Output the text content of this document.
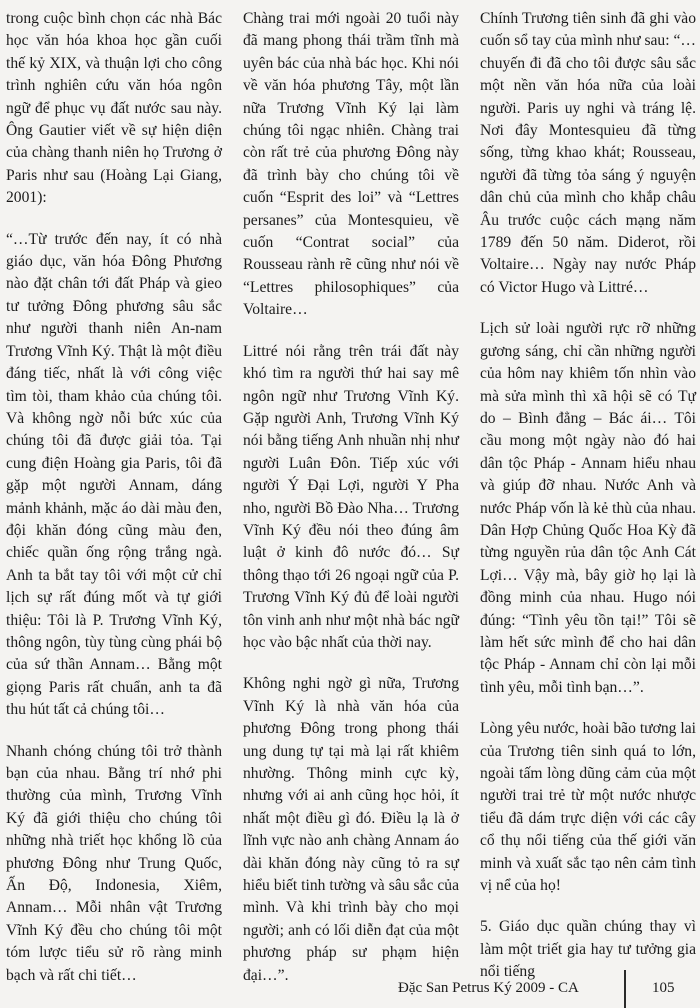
trong cuộc bình chọn các nhà Bác học văn hóa khoa học gần cuối thế kỷ XIX, và thuận lợi cho công trình nghiên cứu văn hóa ngôn ngữ để phục vụ đất nước sau này. Ông Gautier viết về sự hiện diện của chàng thanh niên họ Trương ở Paris như sau (Hoàng Lại Giang, 2001):

“…Từ trước đến nay, ít có nhà giáo dục, văn hóa Đông Phương nào đặt chân tới đất Pháp và gieo tư tưởng Đông phương sâu sắc như người thanh niên An-nam Trương Vĩnh Ký. Thật là một điều đáng tiếc, nhất là với công việc tìm tòi, tham khảo của chúng tôi. Và không ngờ nỗi bức xúc của chúng tôi đã được giải tỏa. Tại cung điện Hoàng gia Paris, tôi đã gặp một người Annam, dáng mảnh khảnh, mặc áo dài màu đen, đội khăn đóng cũng màu đen, chiếc quần ống rộng trắng ngà. Anh ta bắt tay tôi với một cử chỉ lịch sự rất đúng mốt và tự giới thiệu: Tôi là P. Trương Vĩnh Ký, thông ngôn, tùy tùng cùng phái bộ của sứ thần Annam… Bằng một giọng Paris rất chuẩn, anh ta đã thu hút tất cả chúng tôi…

Nhanh chóng chúng tôi trở thành bạn của nhau. Bằng trí nhớ phi thường của mình, Trương Vĩnh Ký đã giới thiệu cho chúng tôi những nhà triết học khổng lồ của phương Đông như Trung Quốc, Ấn Độ, Indonesia, Xiêm, Annam… Mỗi nhân vật Trương Vĩnh Ký đều cho chúng tôi một tóm lược tiểu sử rõ ràng minh bạch và rất chi tiết…

Chàng trai mới ngoài 20 tuổi này đã mang phong thái trầm tĩnh mà uyên bác của nhà bác học. Khi nói về văn hóa phương Tây, một lần nữa Trương Vĩnh Ký lại làm chúng tôi ngạc nhiên. Chàng trai còn rất trẻ của phương Đông này đã trình bày cho chúng tôi về cuốn “Esprit des loi” và “Lettres persanes” của Montesquieu, về cuốn “Contrat social” của Rousseau rành rẽ cũng như nói về “Lettres philosophiques” của Voltaire…

Littré nói rằng trên trái đất này khó tìm ra người thứ hai say mê ngôn ngữ như Trương Vĩnh Ký. Gặp người Anh, Trương Vĩnh Ký nói bằng tiếng Anh nhuần nhị như người Luân Đôn. Tiếp xúc với người Ý Đại Lợi, người Y Pha nho, người Bồ Đào Nha… Trương Vĩnh Ký đều nói theo đúng âm luật ở kinh đô nước đó… Sự thông thạo tới 26 ngoại ngữ của P. Trương Vĩnh Ký đủ để loài người tôn vinh anh như một nhà bác ngữ học vào bậc nhất của thời nay.

Không nghi ngờ gì nữa, Trương Vĩnh Ký là nhà văn hóa của phương Đông trong phong thái ung dung tự tại mà lại rất khiêm nhường. Thông minh cực kỳ, nhưng với ai anh cũng học hỏi, ít nhất một điều gì đó. Điều lạ là ở lĩnh vực nào anh chàng Annam áo dài khăn đóng này cũng tỏ ra sự hiểu biết tinh tường và sâu sắc của mình. Và khi trình bày cho mọi người; anh có lối diễn đạt của một phương pháp sư phạm hiện đại…”.

Chính Trương tiên sinh đã ghi vào cuốn sổ tay của mình như sau: “…chuyến đi đã cho tôi được sâu sắc một nền văn hóa nữa của loài người. Paris uy nghi và tráng lệ. Nơi đây Montesquieu đã từng sống, từng khao khát; Rousseau, người đã từng tỏa sáng ý nguyện dân chủ của mình cho khắp châu Âu trước cuộc cách mạng năm 1789 đến 50 năm. Diderot, rồi Voltaire… Ngày nay nước Pháp có Victor Hugo và Littré…

Lịch sử loài người rực rỡ những gương sáng, chỉ cần những người của hôm nay khiêm tốn nhìn vào mà sửa mình thì xã hội sẽ có Tự do – Bình đẳng – Bác ái… Tôi cầu mong một ngày nào đó hai dân tộc Pháp - Annam hiểu nhau và giúp đỡ nhau. Nước Anh và nước Pháp vốn là kẻ thù của nhau. Dân Hợp Chủng Quốc Hoa Kỳ đã từng nguyền rủa dân tộc Anh Cát Lợi… Vậy mà, bây giờ họ lại là đồng minh của nhau. Hugo nói đúng: “Tình yêu tồn tại!” Tôi sẽ làm hết sức mình để cho hai dân tộc Pháp - Annam chỉ còn lại mỗi tình yêu, mỗi tình bạn…”.

Lòng yêu nước, hoài bão tương lai của Trương tiên sinh quá to lớn, ngoài tấm lòng dũng cảm của một người trai trẻ từ một nước nhược tiểu đã dám trực diện với các cây cổ thụ nổi tiếng của thế giới văn minh và xuất sắc tạo nên cảm tình vị nể của họ!

5. Giáo dục quần chúng thay vì làm một triết gia hay tư tưởng gia nổi tiếng

Đặc San Petrus Ký 2009 - CA	105
